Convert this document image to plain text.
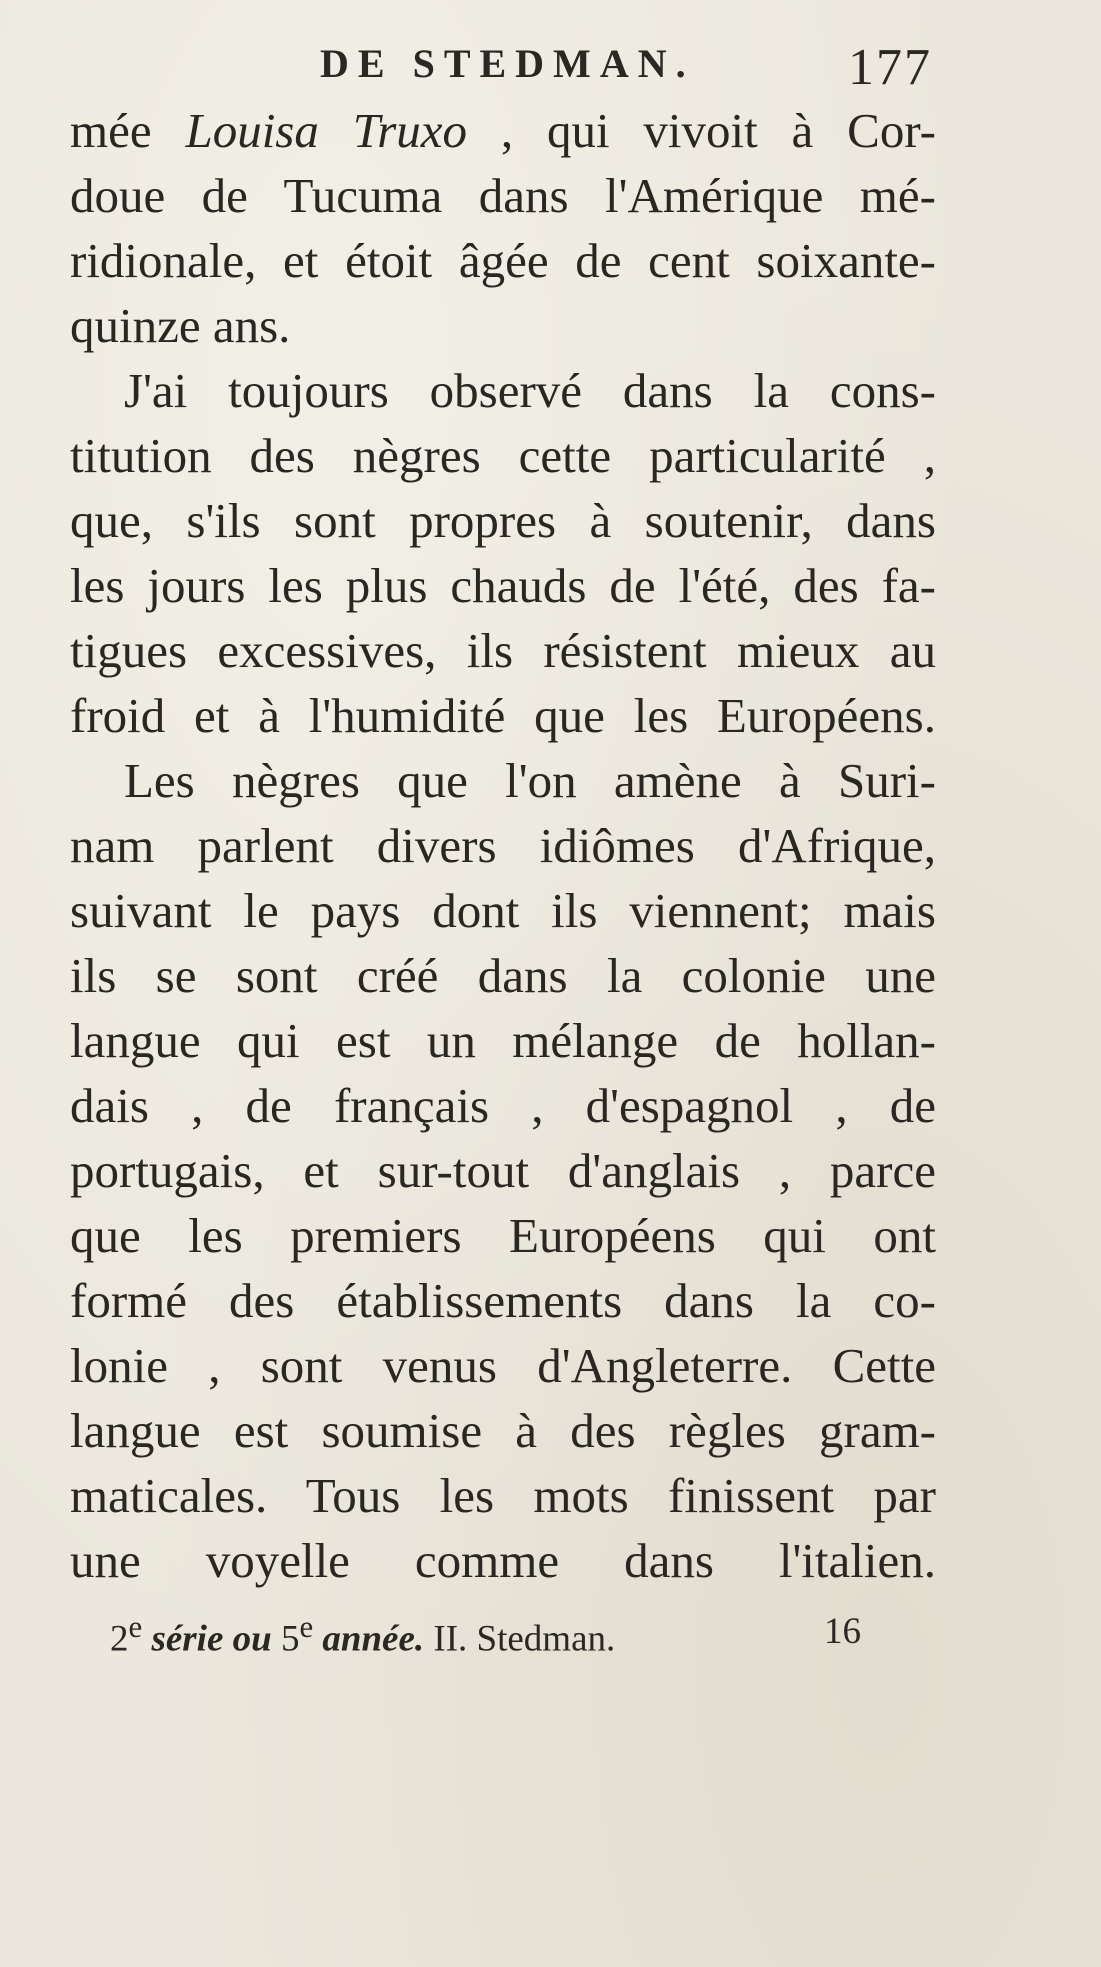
DE STEDMAN.	177
mée Louisa Truxo , qui vivoit à Cor-
doue de Tucuma dans l'Amérique mé-
ridionale, et étoit âgée de cent soixante-
quinze ans.
J'ai toujours observé dans la cons-
titution des nègres cette particularité ,
que, s'ils sont propres à soutenir, dans
les jours les plus chauds de l'été, des fa-
tigues excessives, ils résistent mieux au
froid et à l'humidité que les Européens.
Les nègres que l'on amène à Suri-
nam parlent divers idiômes d'Afrique,
suivant le pays dont ils viennent; mais
ils se sont créé dans la colonie une
langue qui est un mélange de hollan-
dais , de français , d'espagnol , de
portugais, et sur-tout d'anglais , parce
que les premiers Européens qui ont
formé des établissements dans la co-
lonie , sont venus d'Angleterre. Cette
langue est soumise à des règles gram-
maticales. Tous les mots finissent par
une voyelle comme dans l'italien.
2e série ou 5e année. II. Stedman.	16
